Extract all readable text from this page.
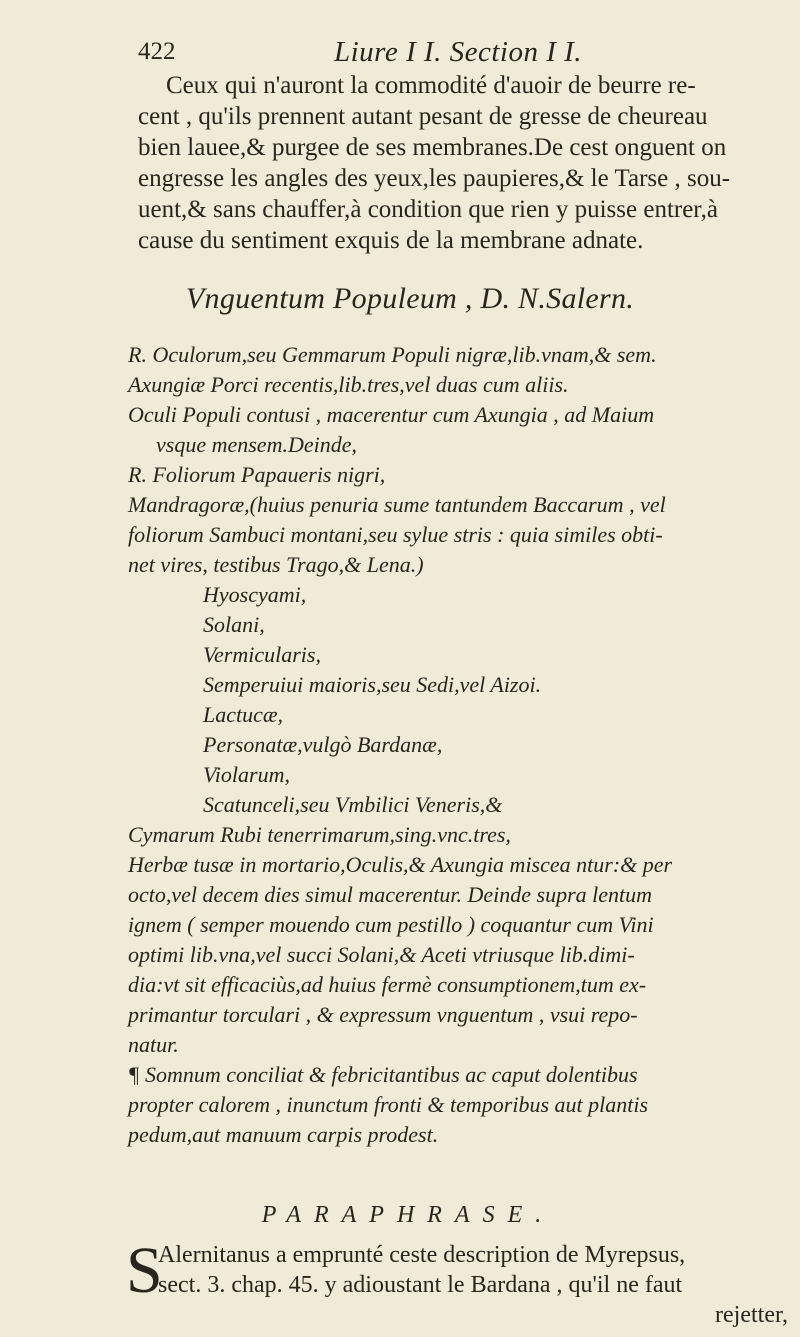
422	Liure I I. Section I I.
Ceux qui n'auront la commodité d'auoir de beurre re-
cent , qu'ils prennent autant pesant de gresse de cheureau
bien lauee,& purgee de ses membranes.De cest onguent on
engresse les angles des yeux,les paupieres,& le Tarse , sou-
uent,& sans chauffer,à condition que rien y puisse entrer,à
cause du sentiment exquis de la membrane adnate.
Vnguentum Populeum , D. N.Salern.
R. Oculorum,seu Gemmarum Populi nigræ,lib.vnam,& sem.
Axungiæ Porci recentis,lib.tres,vel duas cum aliis.
Oculi Populi contusi , macerentur cum Axungia , ad Maium
vsque mensem.Deinde,
R. Foliorum Papaueris nigri,
Mandragoræ,(huius penuria sume tantundem Baccarum , vel
foliorum Sambuci montani,seu sylue stris : quia similes obti-
net vires, testibus Trago,& Lena.)
Hyoscyami,
Solani,
Vermicularis,
Semperuiui maioris,seu Sedi,vel Aizoi.
Lactucæ,
Personatæ,vulgò Bardanæ,
Violarum,
Scatunceli,seu Vmbilici Veneris,&
Cymarum Rubi tenerrimarum,sing.vnc.tres,
Herbæ tusæ in mortario,Oculis,& Axungia miscea ntur:& per
octo,vel decem dies simul macerentur. Deinde supra lentum
ignem ( semper mouendo cum pestillo ) coquantur cum Vini
optimi lib.vna,vel succi Solani,& Aceti vtriusque lib.dimi-
dia:vt sit efficaciùs,ad huius fermè consumptionem,tum ex-
primantur torculari , & expressum vnguentum , vsui repo-
natur.
¶ Somnum conciliat & febricitantibus ac caput dolentibus
propter calorem , inunctum fronti & temporibus aut plantis
pedum,aut manuum carpis prodest.
PARAPHRASE.
S
Alernitanus a emprunté ceste description de Myrepsus,
sect. 3. chap. 45. y adioustant le Bardana , qu'il ne faut
rejetter,
